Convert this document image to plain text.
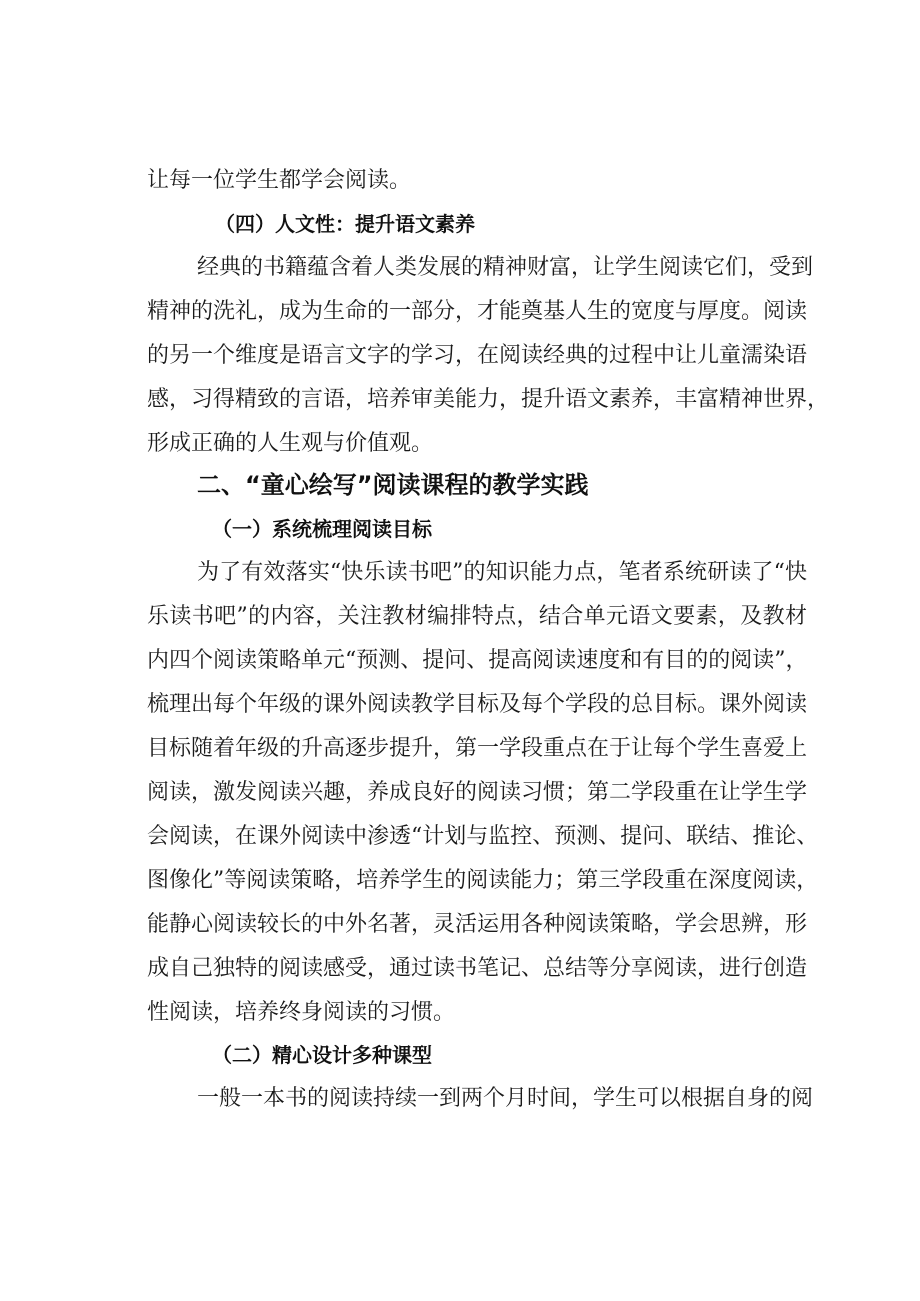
让每一位学生都学会阅读。
（四）人文性：提升语文素养
经典的书籍蕴含着人类发展的精神财富，让学生阅读它们，受到
精神的洗礼，成为生命的一部分，才能奠基人生的宽度与厚度。阅读
的另一个维度是语言文字的学习，在阅读经典的过程中让儿童濡染语
感，习得精致的言语，培养审美能力，提升语文素养，丰富精神世界，
形成正确的人生观与价值观。
二、“童心绘写”阅读课程的教学实践
（一）系统梳理阅读目标
为了有效落实“快乐读书吧”的知识能力点，笔者系统研读了“快
乐读书吧”的内容，关注教材编排特点，结合单元语文要素，及教材
内四个阅读策略单元“预测、提问、提高阅读速度和有目的的阅读”，
梳理出每个年级的课外阅读教学目标及每个学段的总目标。课外阅读
目标随着年级的升高逐步提升，第一学段重点在于让每个学生喜爱上
阅读，激发阅读兴趣，养成良好的阅读习惯；第二学段重在让学生学
会阅读，在课外阅读中渗透“计划与监控、预测、提问、联结、推论、
图像化”等阅读策略，培养学生的阅读能力；第三学段重在深度阅读，
能静心阅读较长的中外名著，灵活运用各种阅读策略，学会思辨，形
成自己独特的阅读感受，通过读书笔记、总结等分享阅读，进行创造
性阅读，培养终身阅读的习惯。
（二）精心设计多种课型
一般一本书的阅读持续一到两个月时间，学生可以根据自身的阅
